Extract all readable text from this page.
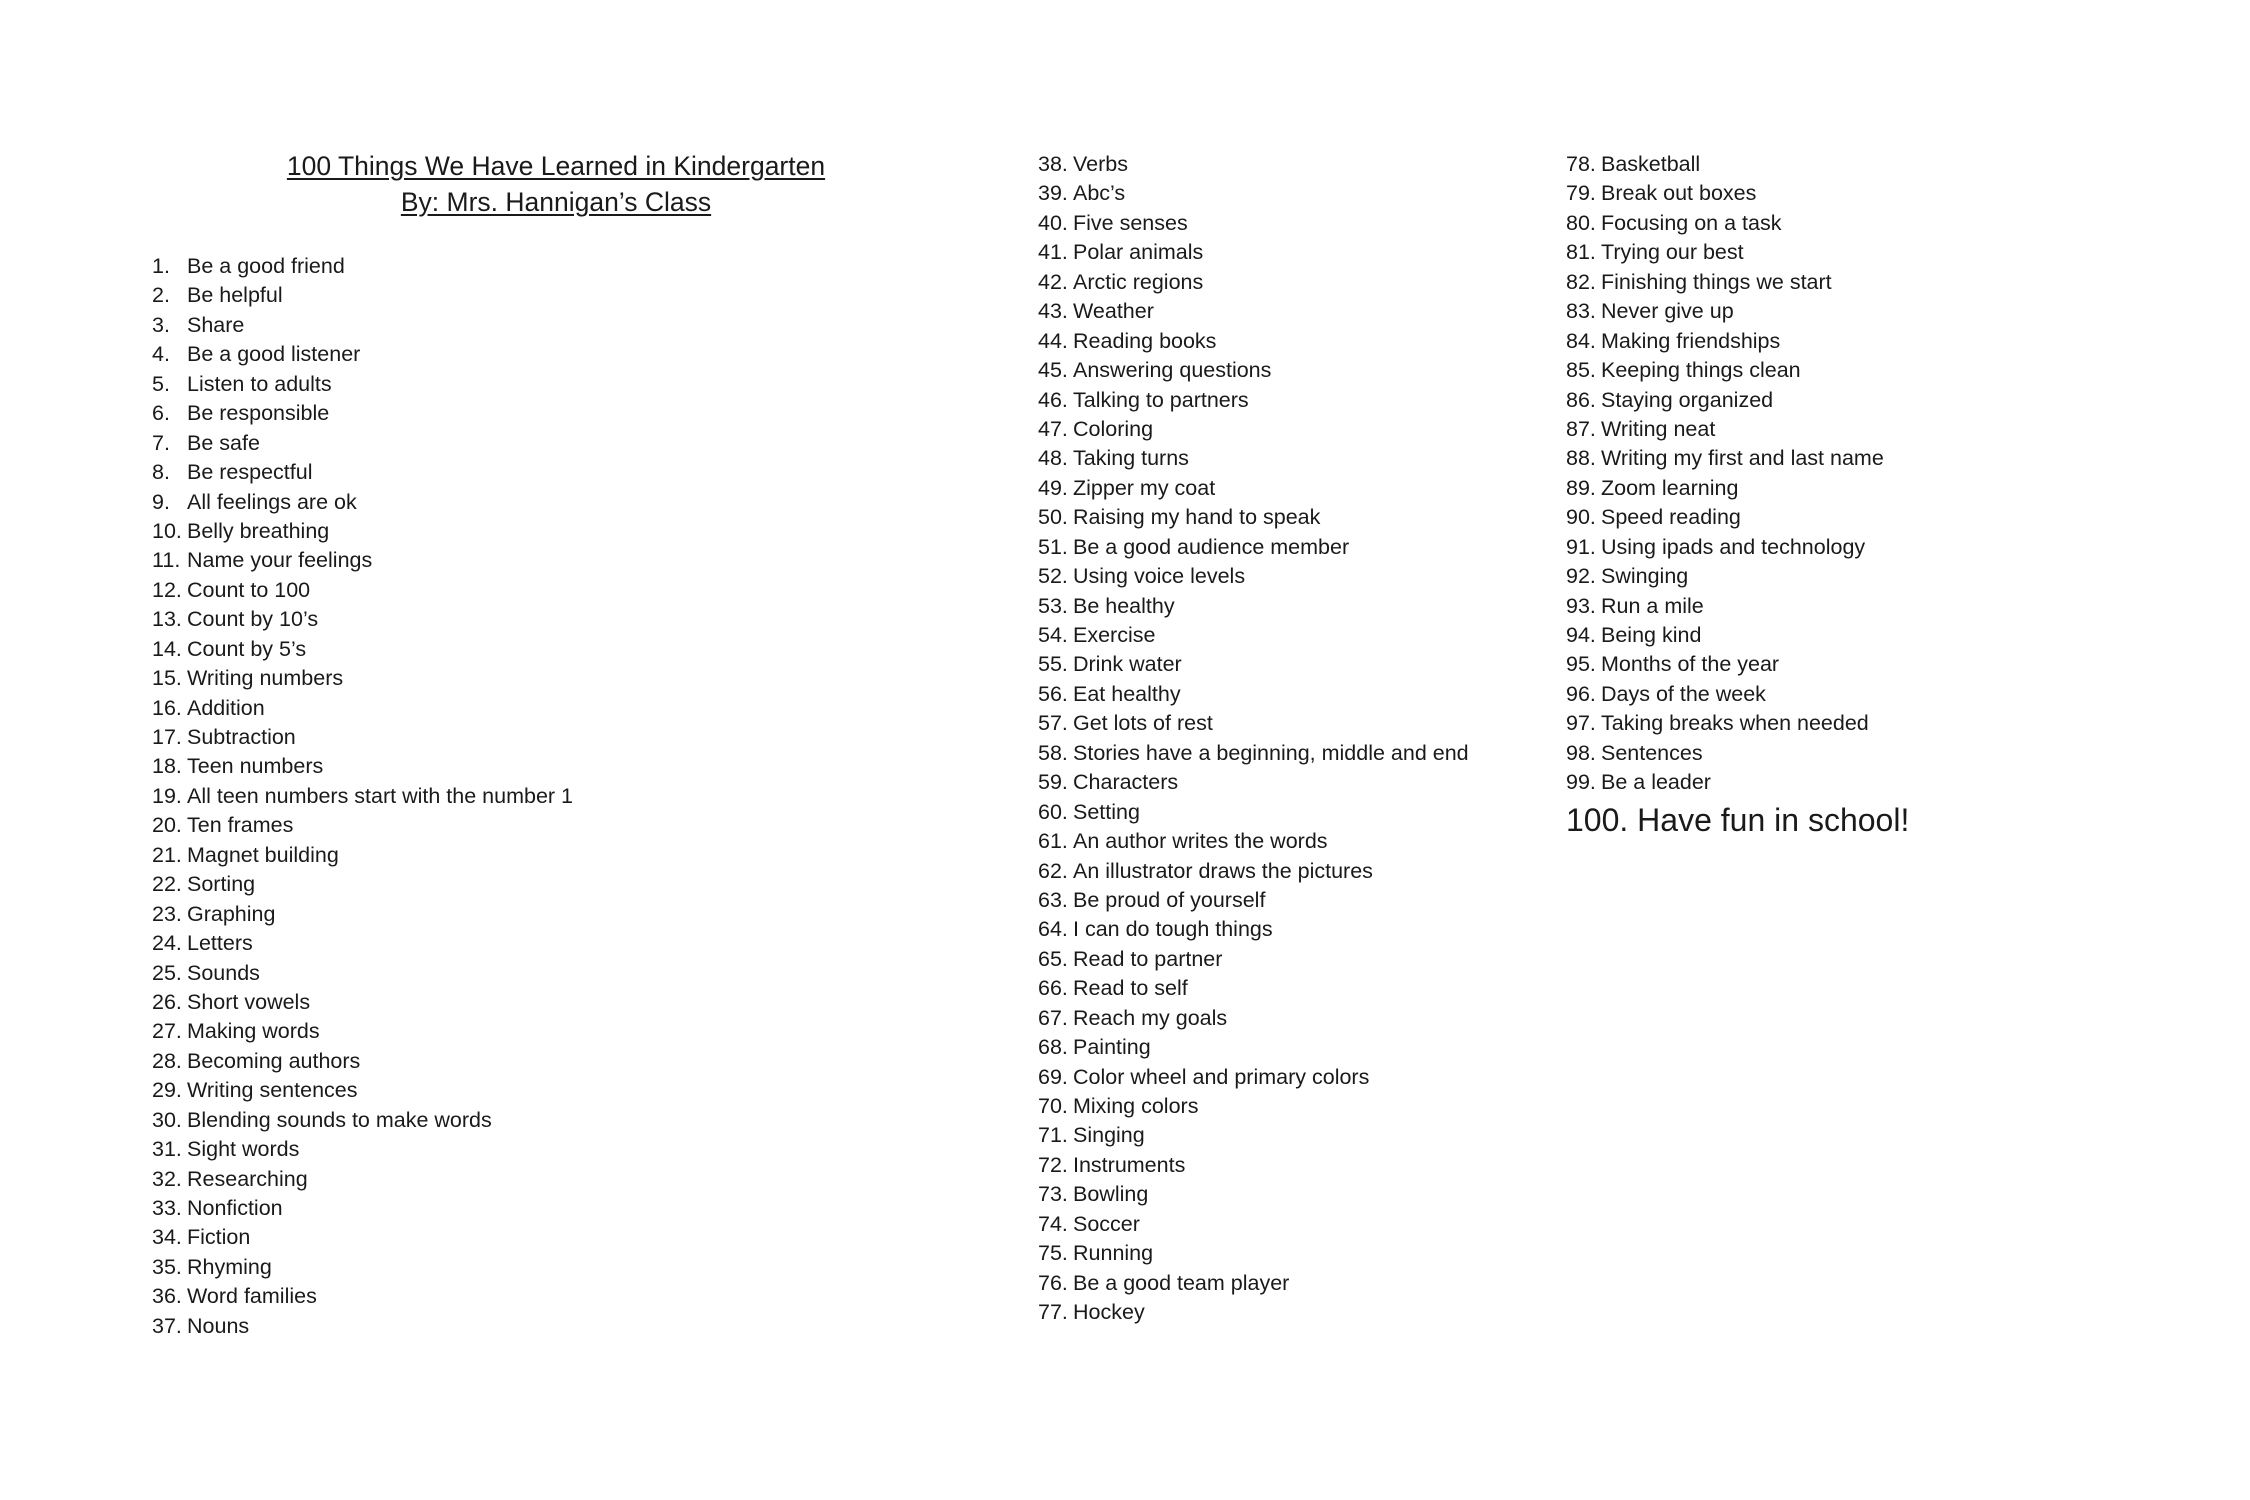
100 Things We Have Learned in Kindergarten
By: Mrs. Hannigan’s Class
1. Be a good friend
2. Be helpful
3. Share
4. Be a good listener
5. Listen to adults
6. Be responsible
7. Be safe
8. Be respectful
9. All feelings are ok
10. Belly breathing
11. Name your feelings
12. Count to 100
13. Count by 10’s
14. Count by 5’s
15. Writing numbers
16. Addition
17. Subtraction
18. Teen numbers
19. All teen numbers start with the number 1
20. Ten frames
21. Magnet building
22. Sorting
23. Graphing
24. Letters
25. Sounds
26. Short vowels
27. Making words
28. Becoming authors
29. Writing sentences
30. Blending sounds to make words
31. Sight words
32. Researching
33. Nonfiction
34. Fiction
35. Rhyming
36. Word families
37. Nouns
38. Verbs
39. Abc’s
40. Five senses
41. Polar animals
42. Arctic regions
43. Weather
44. Reading books
45. Answering questions
46. Talking to partners
47. Coloring
48. Taking turns
49. Zipper my coat
50. Raising my hand to speak
51. Be a good audience member
52. Using voice levels
53. Be healthy
54. Exercise
55. Drink water
56. Eat healthy
57. Get lots of rest
58. Stories have a beginning, middle and end
59. Characters
60. Setting
61. An author writes the words
62. An illustrator draws the pictures
63. Be proud of yourself
64. I can do tough things
65. Read to partner
66. Read to self
67. Reach my goals
68. Painting
69. Color wheel and primary colors
70. Mixing colors
71. Singing
72. Instruments
73. Bowling
74. Soccer
75. Running
76. Be a good team player
77. Hockey
78. Basketball
79. Break out boxes
80. Focusing on a task
81. Trying our best
82. Finishing things we start
83. Never give up
84. Making friendships
85. Keeping things clean
86. Staying organized
87. Writing neat
88. Writing my first and last name
89. Zoom learning
90. Speed reading
91. Using ipads and technology
92. Swinging
93. Run a mile
94. Being kind
95. Months of the year
96. Days of the week
97. Taking breaks when needed
98. Sentences
99. Be a leader
100. Have fun in school!
